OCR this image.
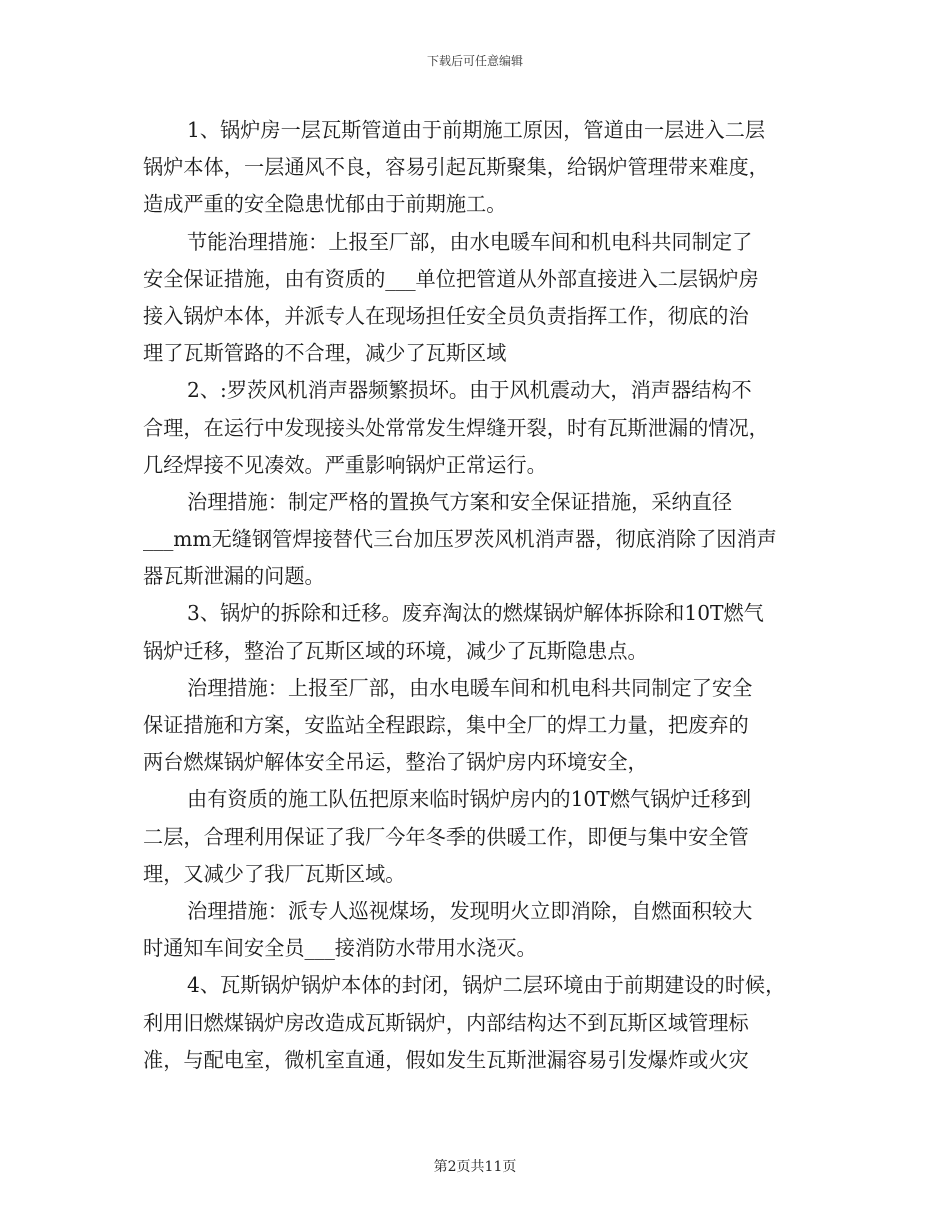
下载后可任意编辑
1、锅炉房一层瓦斯管道由于前期施工原因，管道由一层进入二层
锅炉本体，一层通风不良，容易引起瓦斯聚集，给锅炉管理带来难度，
造成严重的安全隐患忧郁由于前期施工。
节能治理措施：上报至厂部，由水电暖车间和机电科共同制定了
安全保证措施，由有资质的___单位把管道从外部直接进入二层锅炉房
接入锅炉本体，并派专人在现场担任安全员负责指挥工作，彻底的治
理了瓦斯管路的不合理，减少了瓦斯区域
2、:罗茨风机消声器频繁损坏。由于风机震动大，消声器结构不
合理，在运行中发现接头处常常发生焊缝开裂，时有瓦斯泄漏的情况，
几经焊接不见凑效。严重影响锅炉正常运行。
治理措施：制定严格的置换气方案和安全保证措施，采纳直径
___mm无缝钢管焊接替代三台加压罗茨风机消声器，彻底消除了因消声
器瓦斯泄漏的问题。
3、锅炉的拆除和迁移。废弃淘汰的燃煤锅炉解体拆除和10T燃气
锅炉迁移，整治了瓦斯区域的环境，减少了瓦斯隐患点。
治理措施：上报至厂部，由水电暖车间和机电科共同制定了安全
保证措施和方案，安监站全程跟踪，集中全厂的焊工力量，把废弃的
两台燃煤锅炉解体安全吊运，整治了锅炉房内环境安全，
由有资质的施工队伍把原来临时锅炉房内的10T燃气锅炉迁移到
二层，合理利用保证了我厂今年冬季的供暖工作，即便与集中安全管
理，又减少了我厂瓦斯区域。
治理措施：派专人巡视煤场，发现明火立即消除，自燃面积较大
时通知车间安全员___接消防水带用水浇灭。
4、瓦斯锅炉锅炉本体的封闭，锅炉二层环境由于前期建设的时候，
利用旧燃煤锅炉房改造成瓦斯锅炉，内部结构达不到瓦斯区域管理标
准，与配电室，微机室直通，假如发生瓦斯泄漏容易引发爆炸或火灾
第2页共11页
